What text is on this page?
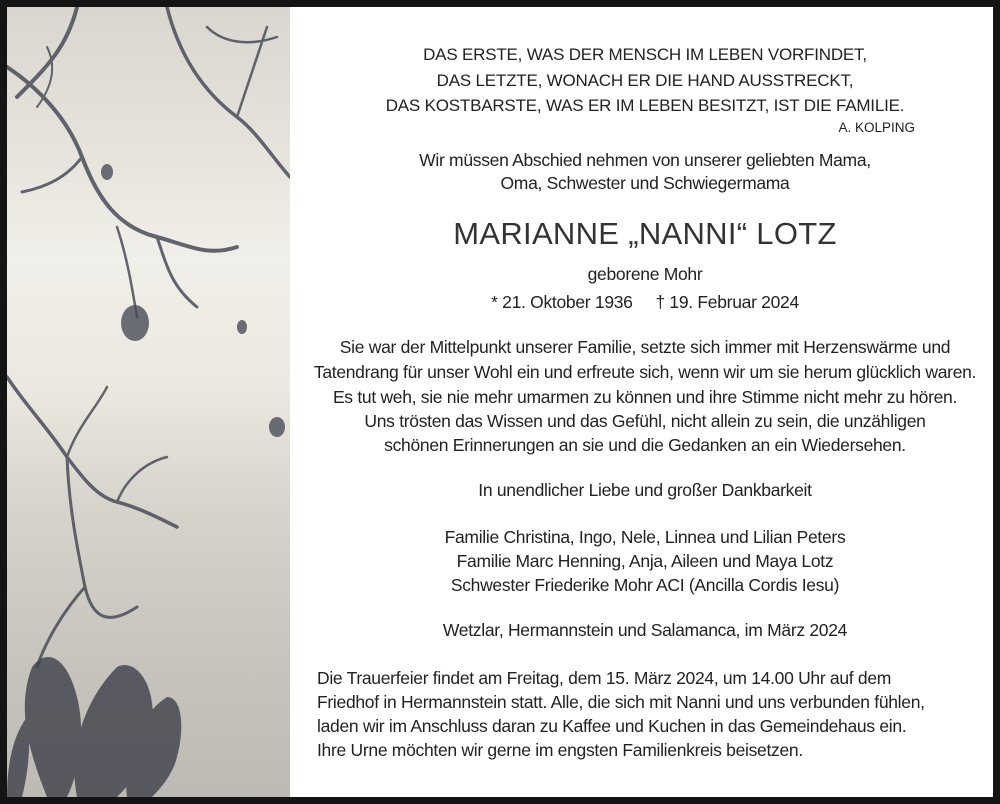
DAS ERSTE, WAS DER MENSCH IM LEBEN VORFINDET,
DAS LETZTE, WONACH ER DIE HAND AUSSTRECKT,
DAS KOSTBARSTE, WAS ER IM LEBEN BESITZT, IST DIE FAMILIE.
A. KOLPING
Wir müssen Abschied nehmen von unserer geliebten Mama,
Oma, Schwester und Schwiegermama
MARIANNE „NANNI“ LOTZ
geborene Mohr
* 21. Oktober 1936 † 19. Februar 2024
Sie war der Mittelpunkt unserer Familie, setzte sich immer mit Herzenswärme und
Tatendrang für unser Wohl ein und erfreute sich, wenn wir um sie herum glücklich waren.
Es tut weh, sie nie mehr umarmen zu können und ihre Stimme nicht mehr zu hören.
Uns trösten das Wissen und das Gefühl, nicht allein zu sein, die unzähligen
schönen Erinnerungen an sie und die Gedanken an ein Wiedersehen.
In unendlicher Liebe und großer Dankbarkeit
Familie Christina, Ingo, Nele, Linnea und Lilian Peters
Familie Marc Henning, Anja, Aileen und Maya Lotz
Schwester Friederike Mohr ACI (Ancilla Cordis Iesu)
Wetzlar, Hermannstein und Salamanca, im März 2024
Die Trauerfeier findet am Freitag, dem 15. März 2024, um 14.00 Uhr auf dem
Friedhof in Hermannstein statt. Alle, die sich mit Nanni und uns verbunden fühlen,
laden wir im Anschluss daran zu Kaffee und Kuchen in das Gemeindehaus ein.
Ihre Urne möchten wir gerne im engsten Familienkreis beisetzen.
